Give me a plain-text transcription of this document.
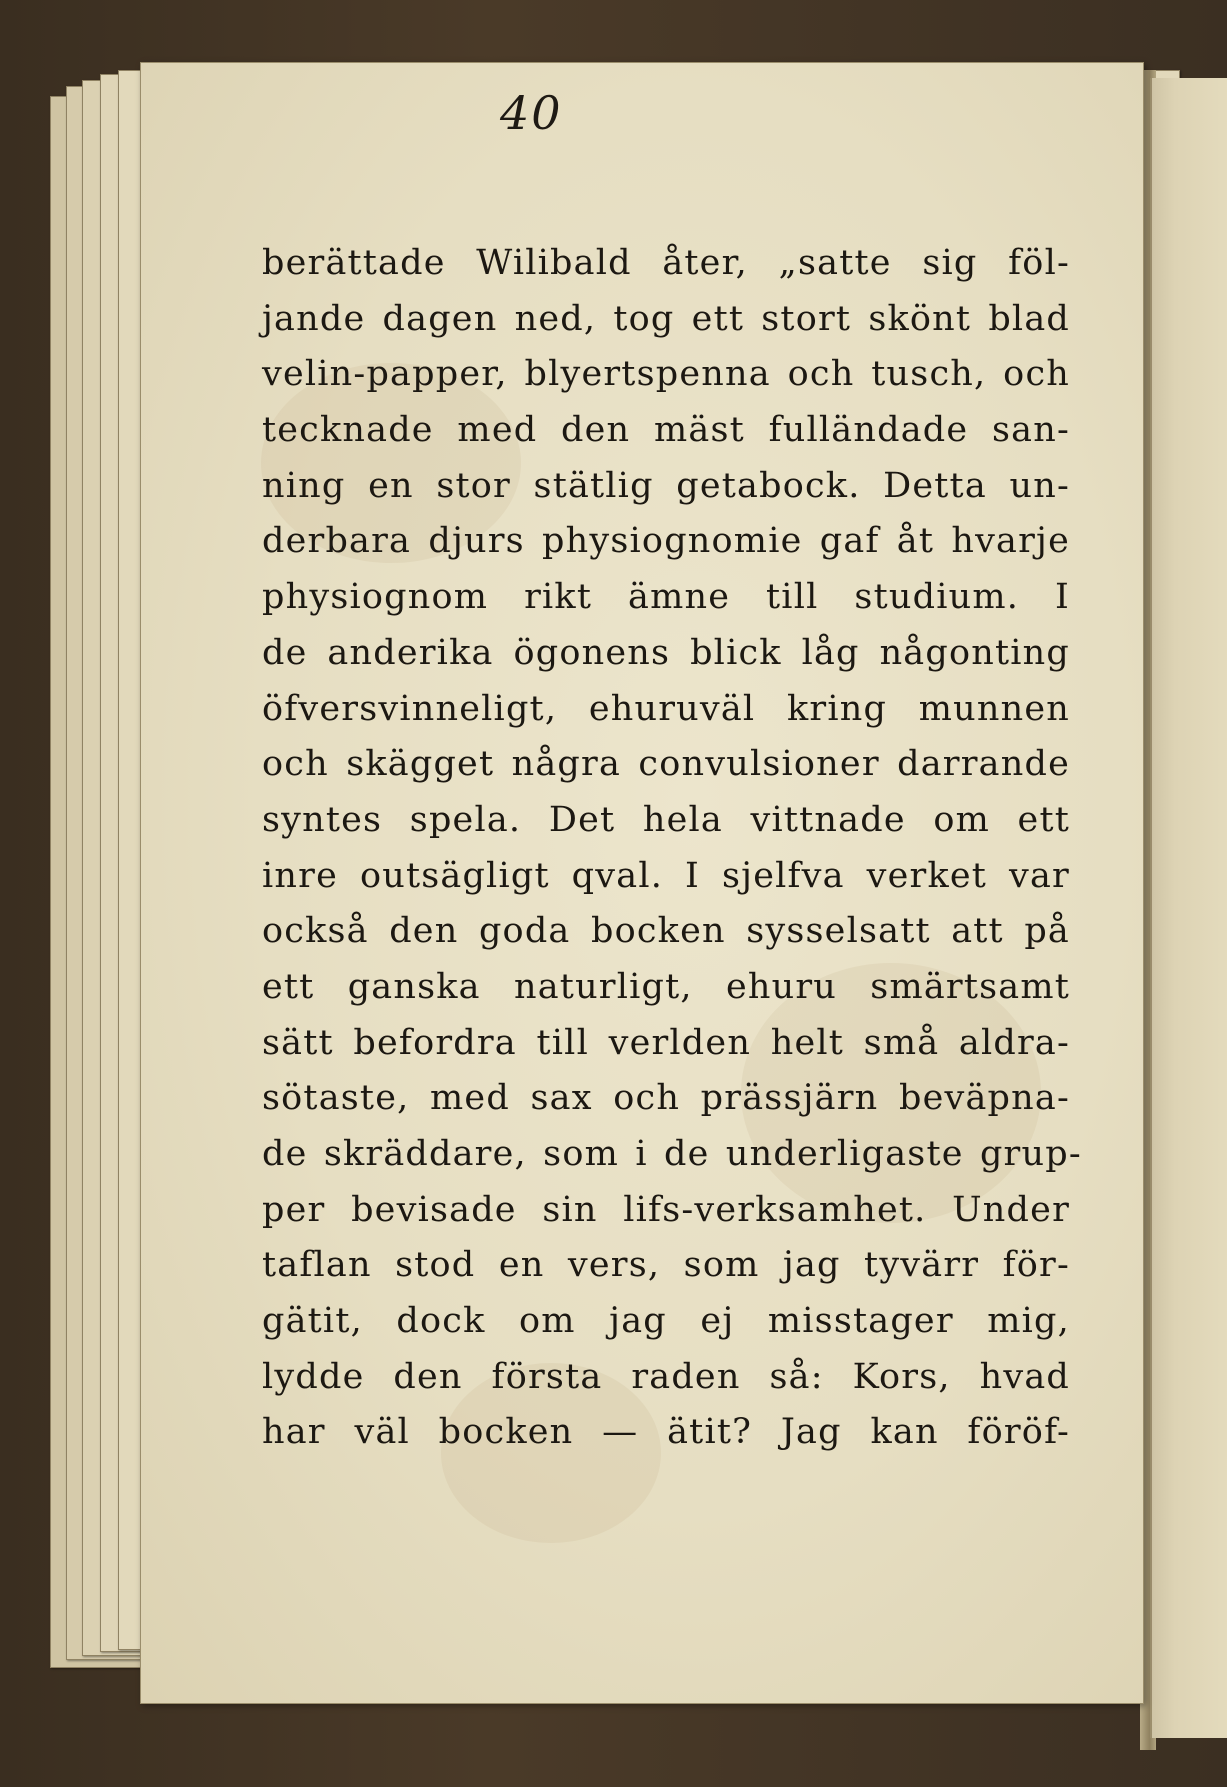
40
berättade Wilibald åter, „satte sig föl-
jande dagen ned, tog ett stort skönt blad
velin-papper, blyertspenna och tusch, och
tecknade med den mäst fulländade san-
ning en stor stätlig getabock. Detta un-
derbara djurs physiognomie gaf åt hvarje
physiognom rikt ämne till studium. I
de anderika ögonens blick låg någonting
öfversvinneligt, ehuruväl kring munnen
och skägget några convulsioner darrande
syntes spela. Det hela vittnade om ett
inre outsägligt qval. I sjelfva verket var
också den goda bocken sysselsatt att på
ett ganska naturligt, ehuru smärtsamt
sätt befordra till verlden helt små aldra-
sötaste, med sax och prässjärn beväpna-
de skräddare, som i de underligaste grup-
per bevisade sin lifs-verksamhet. Under
taflan stod en vers, som jag tyvärr för-
gätit, dock om jag ej misstager mig,
lydde den första raden så: Kors, hvad
har väl bocken — ätit? Jag kan föröf-
